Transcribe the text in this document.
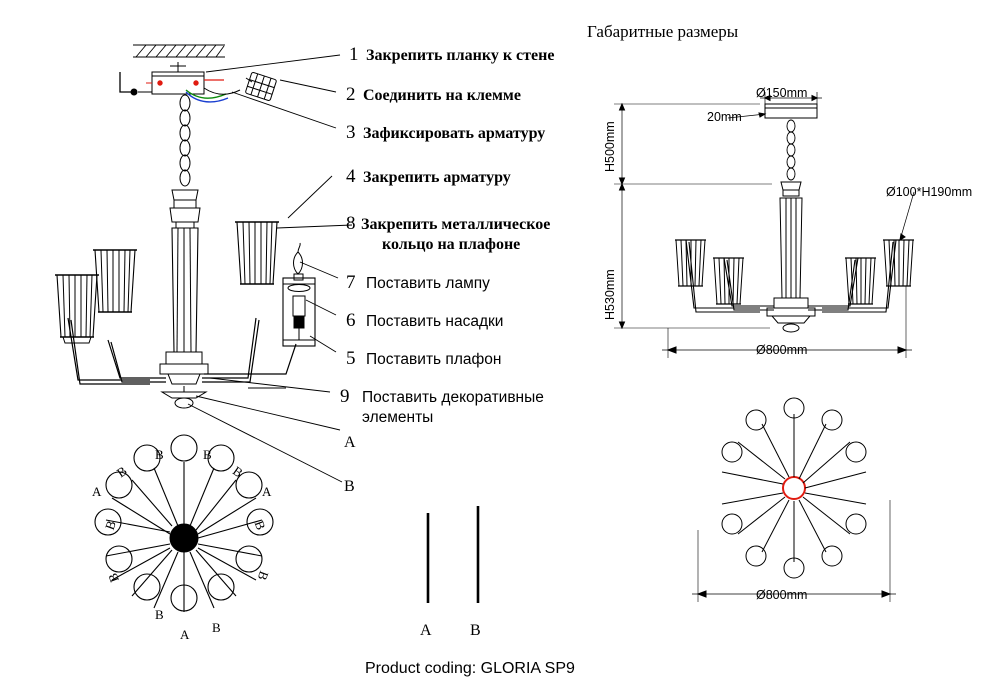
Габаритные размеры
1 Закрепить планку к стене
2 Соединить на клемме
3 Зафиксировать арматуру
4 Закрепить арматуру
8 Закрепить металлическое
кольцо на плафоне
7 Поставить лампу
6 Поставить насадки
5 Поставить плафон
9 Поставить декоративные
элементы
А
В
Ø150mm
20mm
H500mm
H530mm
Ø100*H190mm
Ø800mm
Ø800mm
B	B
A	A
B	B
B	B
B	B
A
B
B	A B
Product coding: GLORIA SP9
